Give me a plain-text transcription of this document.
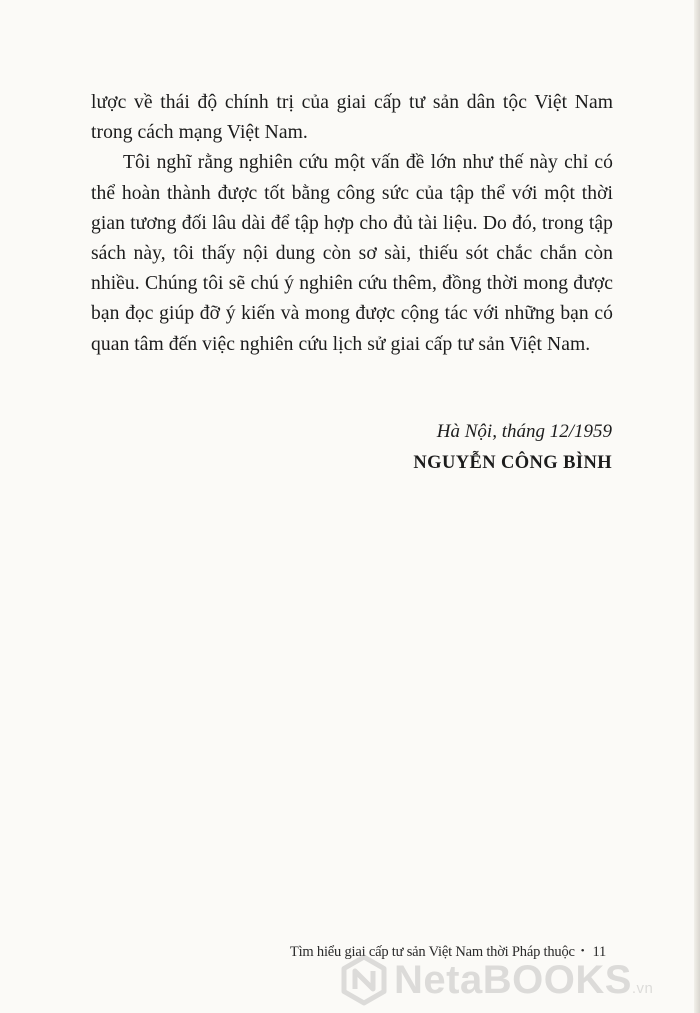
lược về thái độ chính trị của giai cấp tư sản dân tộc Việt Nam trong cách mạng Việt Nam.

Tôi nghĩ rằng nghiên cứu một vấn đề lớn như thế này chỉ có thể hoàn thành được tốt bằng công sức của tập thể với một thời gian tương đối lâu dài để tập hợp cho đủ tài liệu. Do đó, trong tập sách này, tôi thấy nội dung còn sơ sài, thiếu sót chắc chắn còn nhiều. Chúng tôi sẽ chú ý nghiên cứu thêm, đồng thời mong được bạn đọc giúp đỡ ý kiến và mong được cộng tác với những bạn có quan tâm đến việc nghiên cứu lịch sử giai cấp tư sản Việt Nam.

Hà Nội, tháng 12/1959
NGUYỄN CÔNG BÌNH
Tìm hiểu giai cấp tư sản Việt Nam thời Pháp thuộc • 11
NetaBOOKS.vn
